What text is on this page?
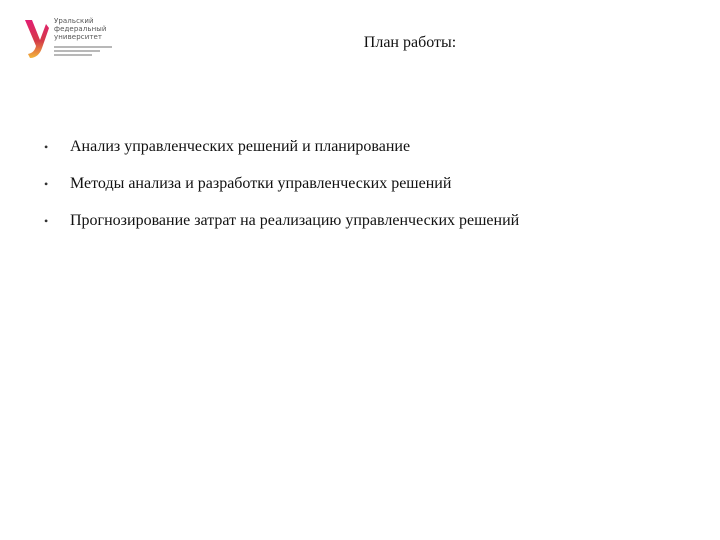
Уральский
федеральный
университет	План работы:
•	Анализ управленческих решений и планирование
•	Методы анализа и разработки управленческих решений
•	Прогнозирование затрат на реализацию управленческих решений
